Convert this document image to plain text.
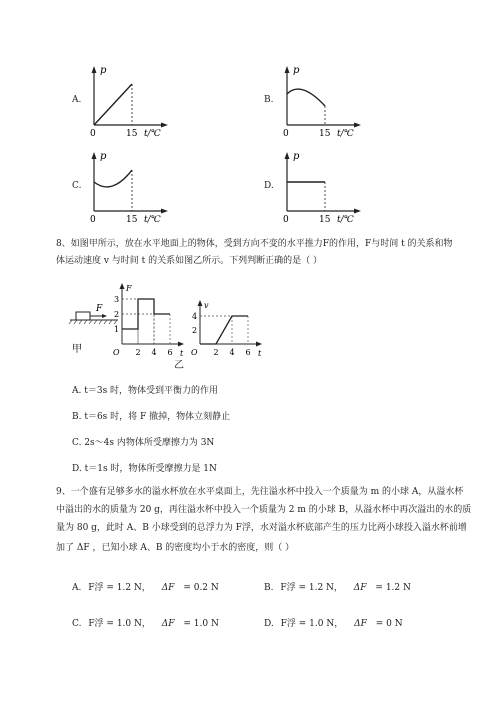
A.
p
0	15 t/℃
B.
p
0	15 t/℃
C.
p
0	15 t/℃
D.
p
0	15 t/℃
8、如图甲所示，放在水平地面上的物体，受到方向不变的水平推力F的作用，F与时间 t 的关系和物
体运动速度 v 与时间 t 的关系如图乙所示。下列判断正确的是（ ）
F
甲
3
2
1
2 4 6
O	t
F
4
2
2 4 6
O	t
v
乙
A. t＝3s 时，物体受到平衡力的作用
B. t＝6s 时，将 F 撤掉，物体立刻静止
C. 2s～4s 内物体所受摩擦力为 3N
D. t＝1s 时，物体所受摩擦力是 1N
9、一个盛有足够多水的溢水杯放在水平桌面上，先往溢水杯中投入一个质量为 m 的小球 A，从溢水杯
中溢出的水的质量为 20 g，再往溢水杯中投入一个质量为 2 m 的小球 B，从溢水杯中再次溢出的水的质
量为 80 g，此时 A、B 小球受到的总浮力为 F浮，水对溢水杯底部产生的压力比两小球投入溢水杯前增
加了 ΔF ，已知小球 A、B 的密度均小于水的密度，则（ ）
A. F浮 = 1.2 N， ΔF = 0.2 N	B. F浮 = 1.2 N， ΔF = 1.2 N
C. F浮 = 1.0 N， ΔF = 1.0 N	D. F浮 = 1.0 N， ΔF = 0 N
